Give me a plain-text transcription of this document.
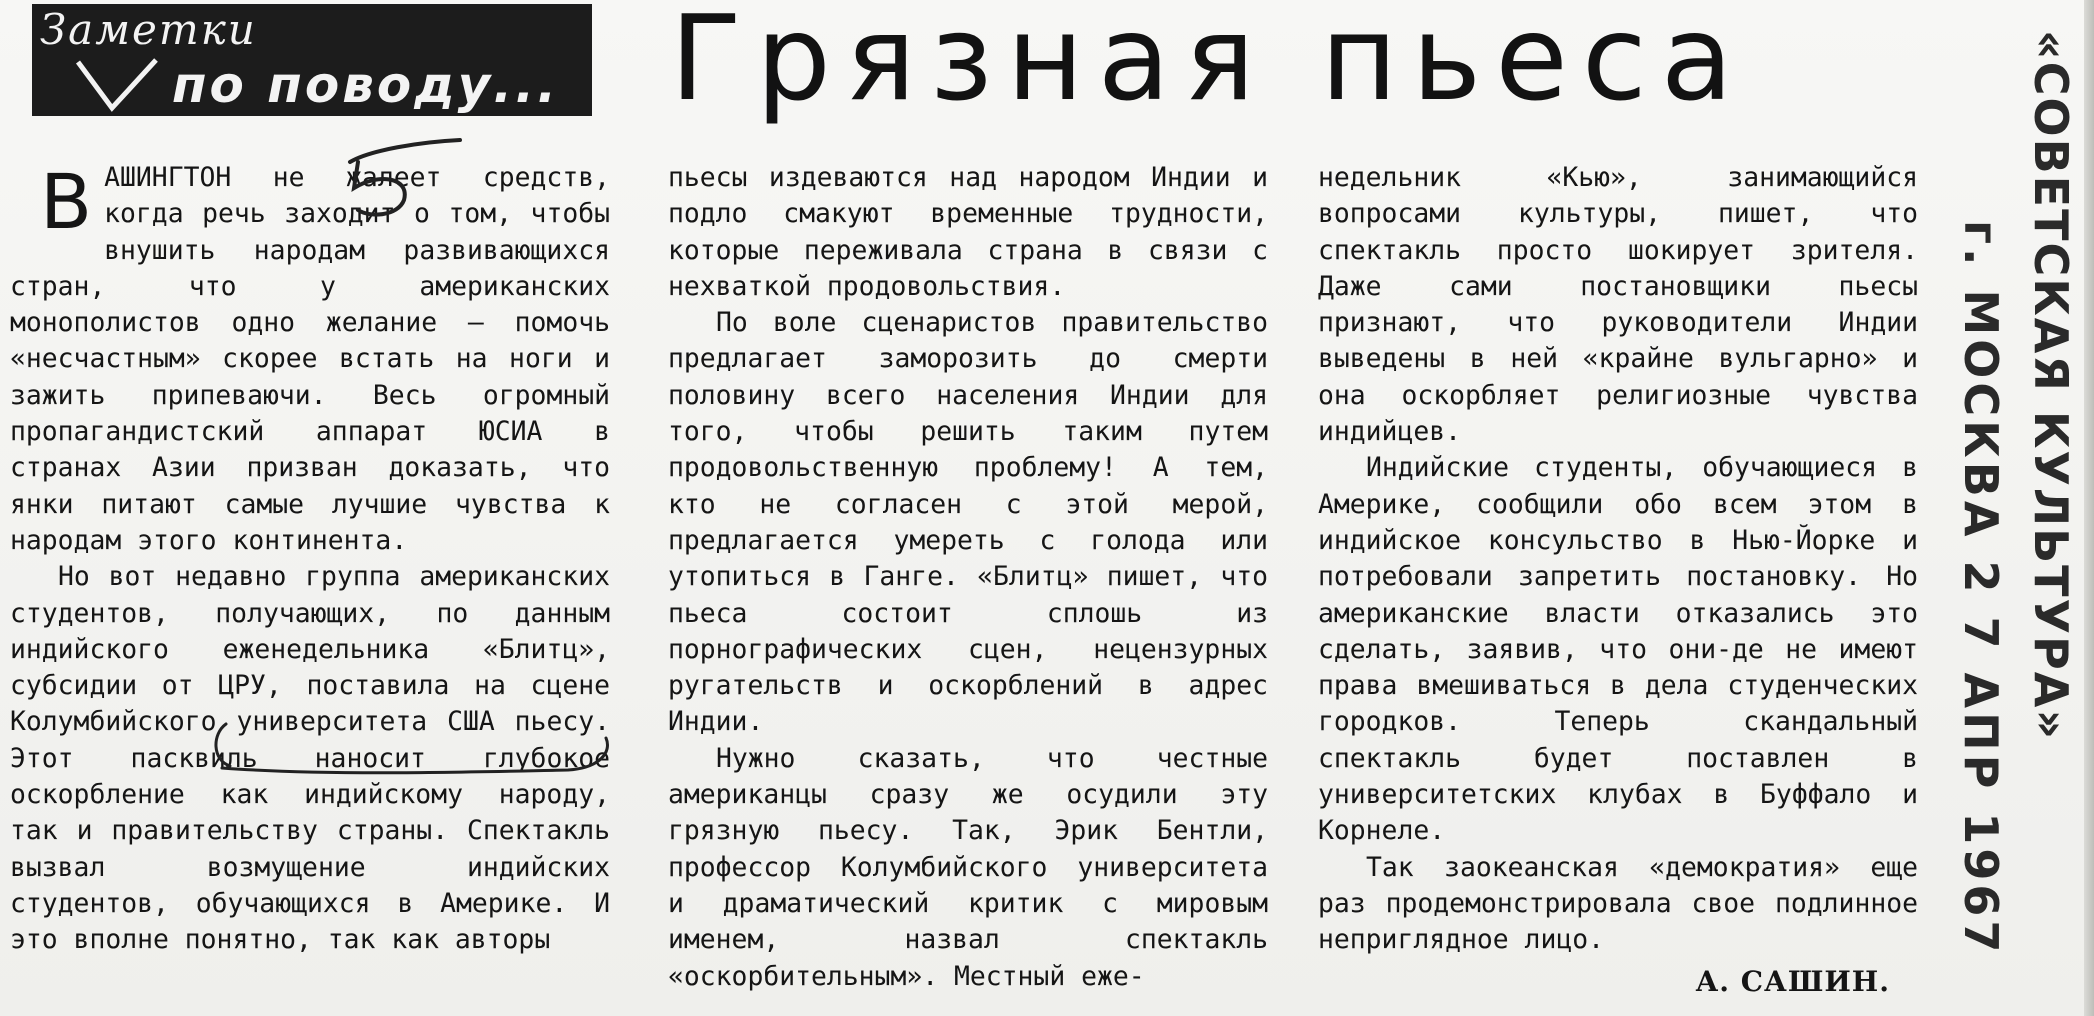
Заметки
по поводу... Грязная пьеса
В АШИНГТОН не жалеет средств, когда речь заходит о том, чтобы внушить народам развивающихся стран, что у американских монополистов одно желание — помочь «несчастным» скорее встать на ноги и зажить припеваючи. Весь огромный пропагандистский аппарат ЮСИА в странах Азии призван доказать, что янки питают самые лучшие чувства к народам этого континента.

Но вот недавно группа американских студентов, получающих, по данным индийского еженедельника «Блитц», субсидии от ЦРУ, поставила на сцене Колумбийского университета США пьесу. Этот пасквиль наносит глубокое оскорбление как индийскому народу, так и правительству страны. Спектакль вызвал возмущение индийских студентов, обучающихся в Америке. И это вполне понятно, так как авторы

пьесы издеваются над народом Индии и подло смакуют временные трудности, которые переживала страна в связи с нехваткой продовольствия.

По воле сценаристов правительство предлагает заморозить до смерти половину всего населения Индии для того, чтобы решить таким путем продовольственную проблему! А тем, кто не согласен с этой мерой, предлагается умереть с голода или утопиться в Ганге. «Блитц» пишет, что пьеса состоит сплошь из порнографических сцен, нецензурных ругательств и оскорблений в адрес Индии.

Нужно сказать, что честные американцы сразу же осудили эту грязную пьесу. Так, Эрик Бентли, профессор Колумбийского университета и драматический критик с мировым именем, назвал спектакль «оскорбительным». Местный еже-

недельник «Кью», занимающийся вопросами культуры, пишет, что спектакль просто шокирует зрителя. Даже сами постановщики пьесы признают, что руководители Индии выведены в ней «крайне вульгарно» и она оскорбляет религиозные чувства индийцев.

Индийские студенты, обучающиеся в Америке, сообщили обо всем этом в индийское консульство в Нью-Йорке и потребовали запретить постановку. Но американские власти отказались это сделать, заявив, что они-де не имеют права вмешиваться в дела студенческих городков. Теперь скандальный спектакль будет поставлен в университетских клубах в Буффало и Корнеле.

Так заокеанская «демократия» еще раз продемонстрировала свое подлинное неприглядное лицо.

А. САШИН.
«СОВЕТСКАЯ КУЛЬТУРА»
г. МОСКВА 2 7 АПР 1967
